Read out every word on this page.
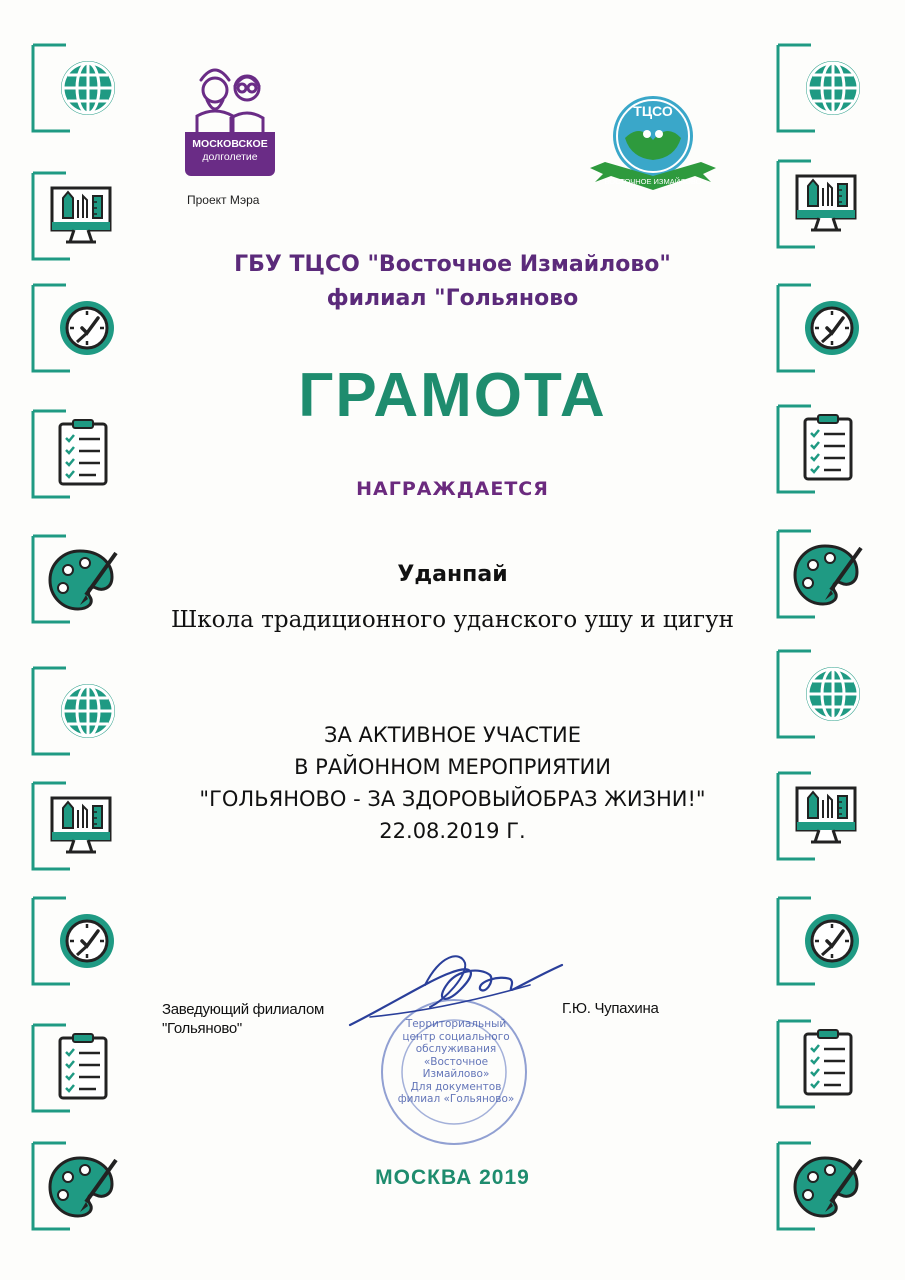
МОСКОВСКОЕ
долголетие
Проект Мэра
ТЦСО
ВОСТОЧНОЕ ИЗМАЙЛОВО
ГБУ ТЦСО "Восточное Измайлово"
филиал "Гольяново
ГРАМОТА
НАГРАЖДАЕТСЯ
Уданпай
Школа традиционного уданского ушу и цигун
ЗА АКТИВНОЕ УЧАСТИЕ
В РАЙОННОМ МЕРОПРИЯТИИ
"ГОЛЬЯНОВО - ЗА ЗДОРОВЫЙОБРАЗ ЖИЗНИ!"
22.08.2019 Г.
Заведующий филиалом
"Гольяново"	Территориальный
центр социального
обслуживания
«Восточное Измайлово»
Для документов
филиал «Гольяново»
Г.Ю. Чупахина
МОСКВА 2019
